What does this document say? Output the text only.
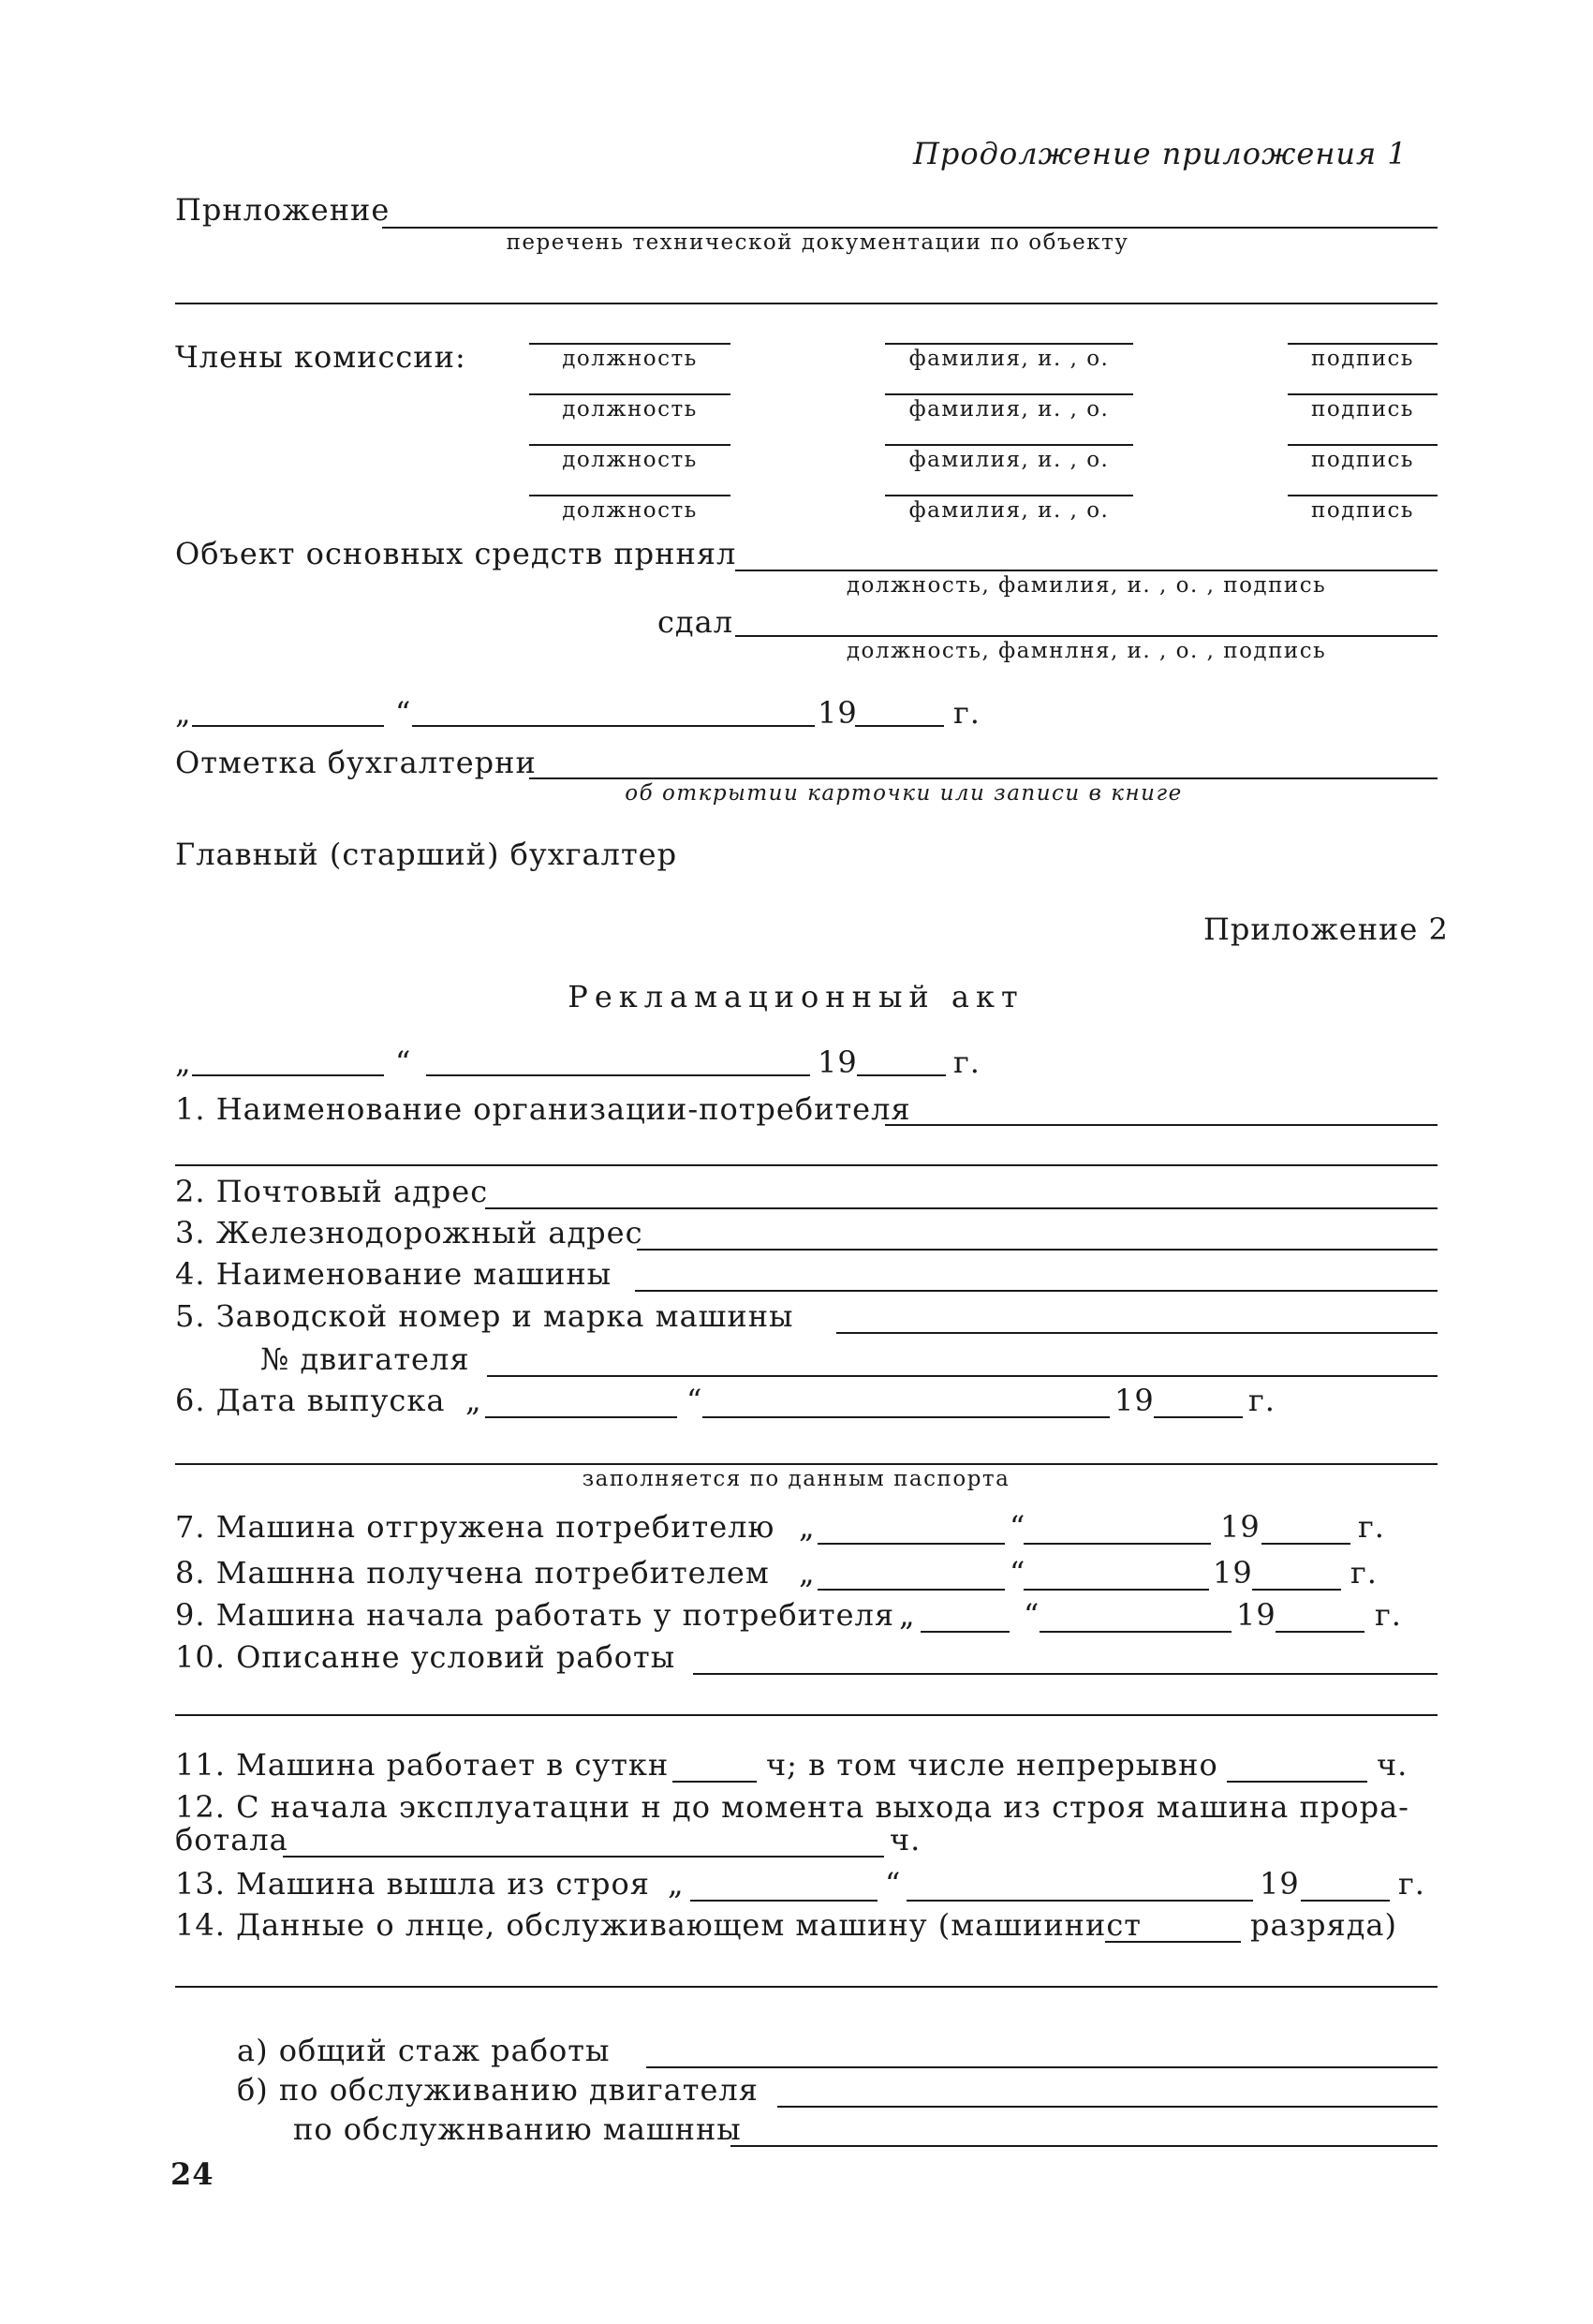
Продолжение приложения 1
Прнложение
перечень технической документации по объекту
Члены комиссии:	должность	фамилия, и. , о.	подпись
должность	фамилия, и. , о.	подпись
должность	фамилия, и. , о.	подпись
должность	фамилия, и. , о.	подпись
Объект основных средств прннял
должность, фамилия, и. , о. , подпись
сдал
должность, фамнлня, и. , о. , подпись
„	“	19	г.
Отметка бухгалтерни
об открытии карточки или записи в книге
Главный (старший) бухгалтер
Приложение 2
Рекламационный акт
„	“	19	г.
1. Наименование организации-потребителя
2. Почтовый адрес
3. Железнодорожный адрес
4. Наименование машины
5. Заводской номер и марка машины
№ двигателя
6. Дата выпуска „	“	19	г.
заполняется по данным паспорта
7. Машина отгружена потребителю „	“	19	г.
8. Машнна получена потребителем „	“	19	г.
9. Машина начала работать у потребителя „	“	19	г.
10. Описанне условий работы
11. Машина работает в суткн	ч; в том числе непрерывно	ч.
12. С начала эксплуатацни н до момента выхода из строя машина прора-
ботала	ч.
13. Машина вышла из строя „	“	19	г.
14. Данные о лнце, обслуживающем машину (машиинист	разряда)
а) общий стаж работы
б) по обслуживанию двигателя
по обслужнванию машнны
24
